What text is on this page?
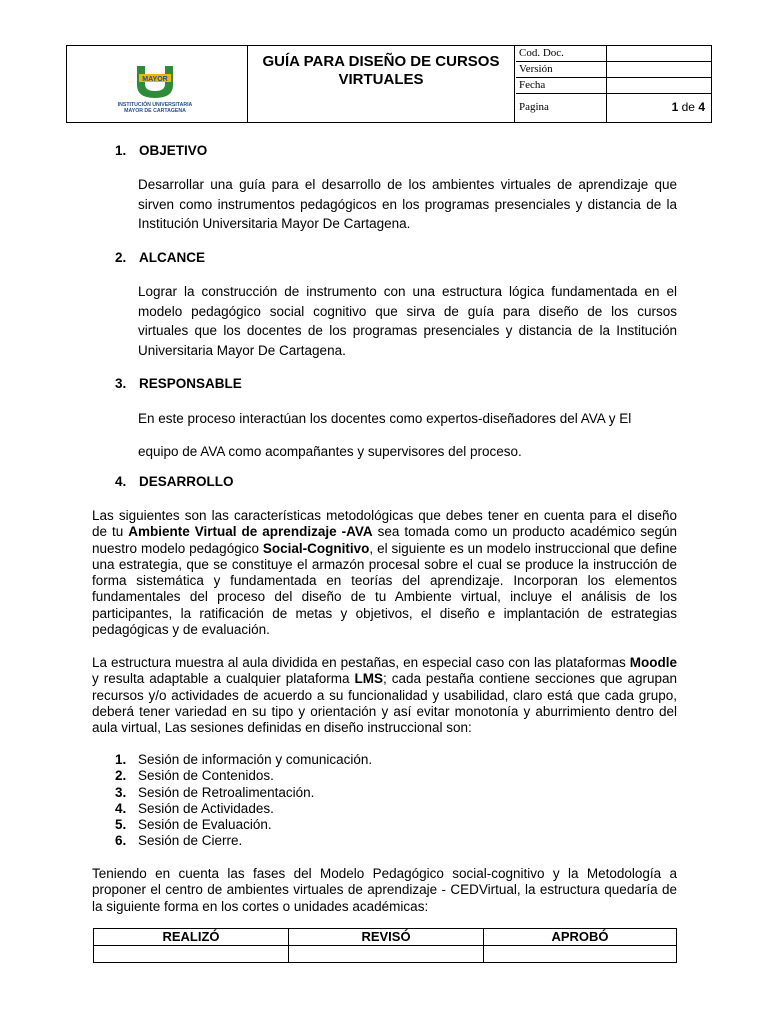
MAYOR
INSTITUCIÓN UNIVERSITARIA
MAYOR DE CARTAGENA
GUÍA PARA DISEÑO DE CURSOS
VIRTUALES
Cod. Doc.
Versión
Fecha
Pagina	1 de 4
1. OBJETIVO
Desarrollar una guía para el desarrollo de los ambientes virtuales de aprendizaje que
sirven como instrumentos pedagógicos en los programas presenciales y distancia de la
Institución Universitaria Mayor De Cartagena.
2. ALCANCE
Lograr la construcción de instrumento con una estructura lógica fundamentada en el
modelo pedagógico social cognitivo que sirva de guía para diseño de los cursos
virtuales que los docentes de los programas presenciales y distancia de la Institución
Universitaria Mayor De Cartagena.
3. RESPONSABLE
En este proceso interactúan los docentes como expertos-diseñadores del AVA y El
equipo de AVA como acompañantes y supervisores del proceso.
4. DESARROLLO
Las siguientes son las características metodológicas que debes tener en cuenta para el diseño de tu Ambiente Virtual de aprendizaje -AVA sea tomada como un producto académico según nuestro modelo pedagógico Social-Cognitivo, el siguiente es un modelo instruccional que define una estrategia, que se constituye el armazón procesal sobre el cual se produce la instrucción de forma sistemática y fundamentada en teorías del aprendizaje. Incorporan los elementos fundamentales del proceso del diseño de tu Ambiente virtual, incluye el análisis de los participantes, la ratificación de metas y objetivos, el diseño e implantación de estrategias pedagógicas y de evaluación.
La estructura muestra al aula dividida en pestañas, en especial caso con las plataformas Moodle y resulta adaptable a cualquier plataforma LMS; cada pestaña contiene secciones que agrupan recursos y/o actividades de acuerdo a su funcionalidad y usabilidad, claro está que cada grupo, deberá tener variedad en su tipo y orientación y así evitar monotonía y aburrimiento dentro del aula virtual, Las sesiones definidas en diseño instruccional son:
1. Sesión de información y comunicación.
2. Sesión de Contenidos.
3. Sesión de Retroalimentación.
4. Sesión de Actividades.
5. Sesión de Evaluación.
6. Sesión de Cierre.
Teniendo en cuenta las fases del Modelo Pedagógico social-cognitivo y la Metodología a proponer el centro de ambientes virtuales de aprendizaje - CEDVirtual, la estructura quedaría de la siguiente forma en los cortes o unidades académicas:
REALIZÓ	REVISÓ	APROBÓ
